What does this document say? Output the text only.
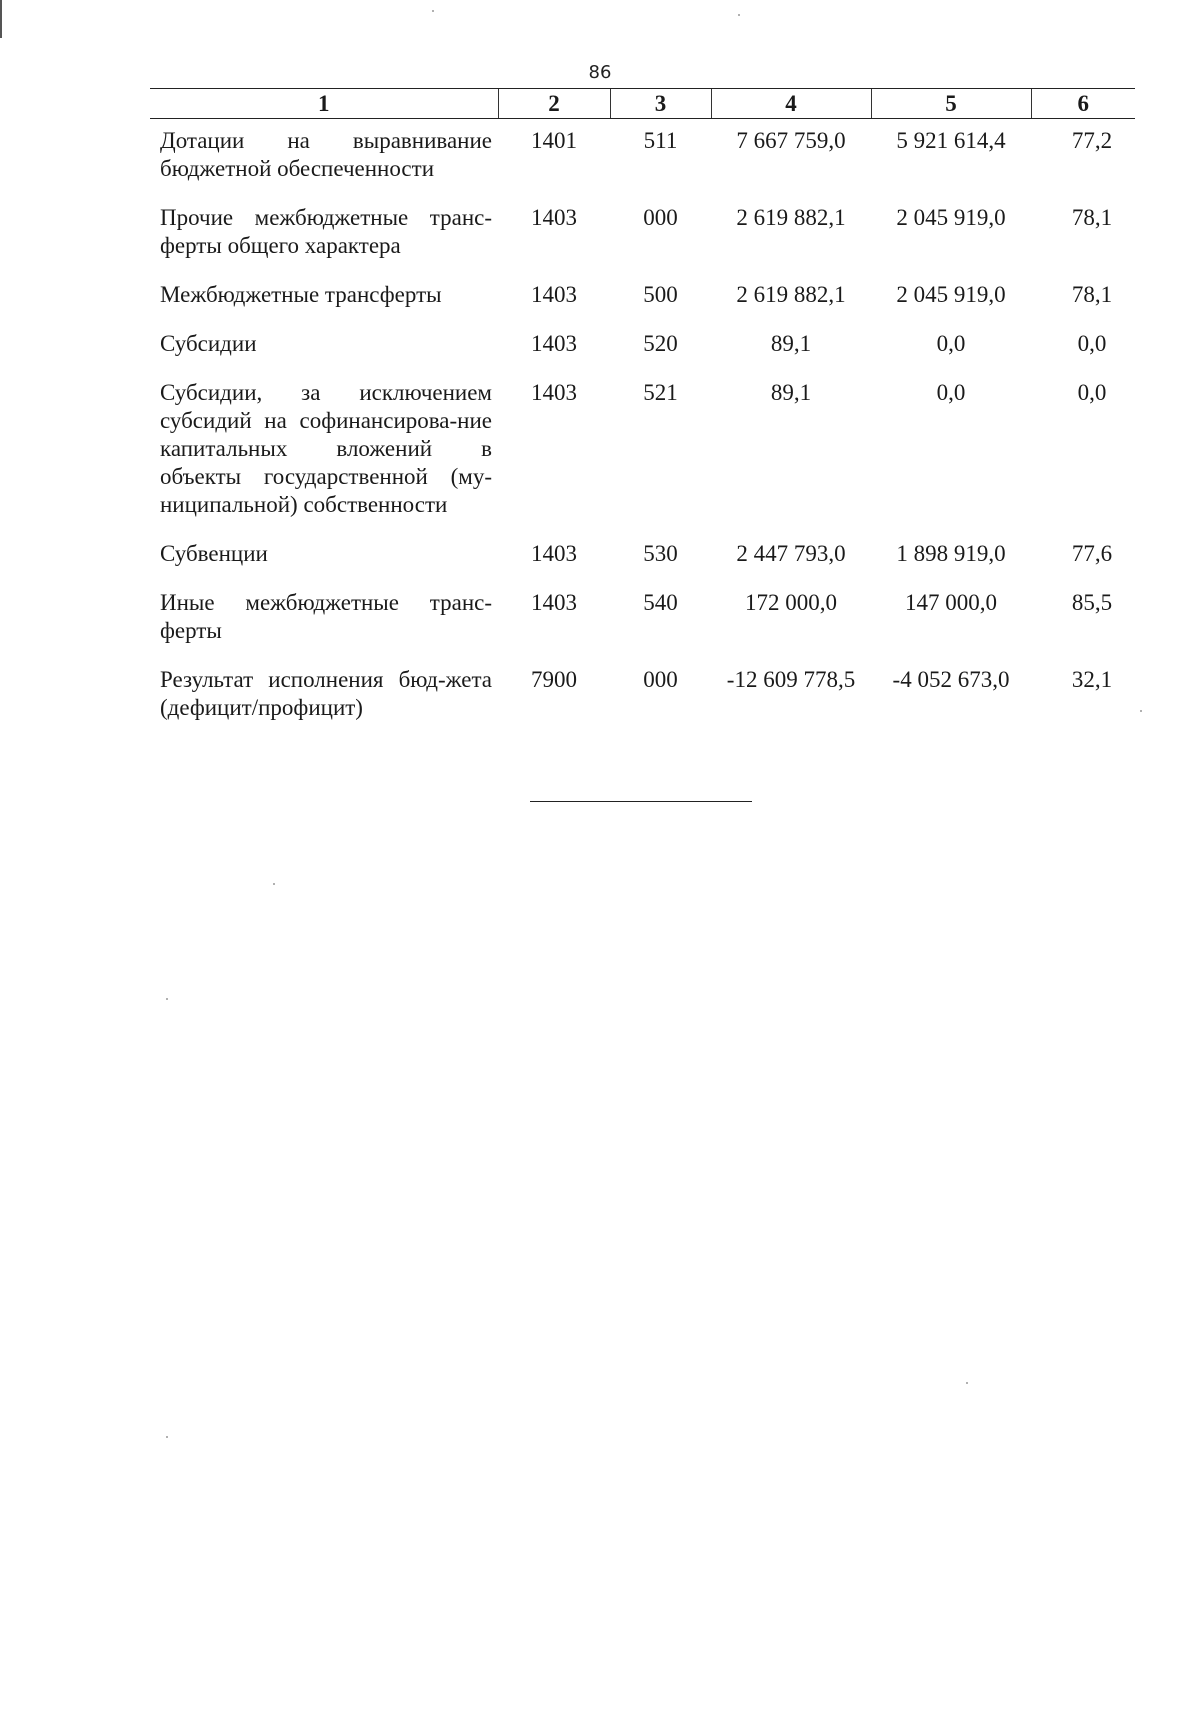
86
1	2	3	4	5	6
Дотации на выравнивание бюджетной обеспеченности	1401	511	7 667 759,0	5 921 614,4	77,2
Прочие межбюджетные транс-ферты общего характера	1403	000	2 619 882,1	2 045 919,0	78,1
Межбюджетные трансферты	1403	500	2 619 882,1	2 045 919,0	78,1
Субсидии	1403	520	89,1	0,0	0,0
Субсидии, за исключением субсидий на софинансирова-ние капитальных вложений в объекты государственной (му-ниципальной) собственности	1403	521	89,1	0,0	0,0
Субвенции	1403	530	2 447 793,0	1 898 919,0	77,6
Иные межбюджетные транс-ферты	1403	540	172 000,0	147 000,0	85,5
Результат исполнения бюд-жета (дефицит/профицит)	7900	000	-12 609 778,5	-4 052 673,0	32,1
